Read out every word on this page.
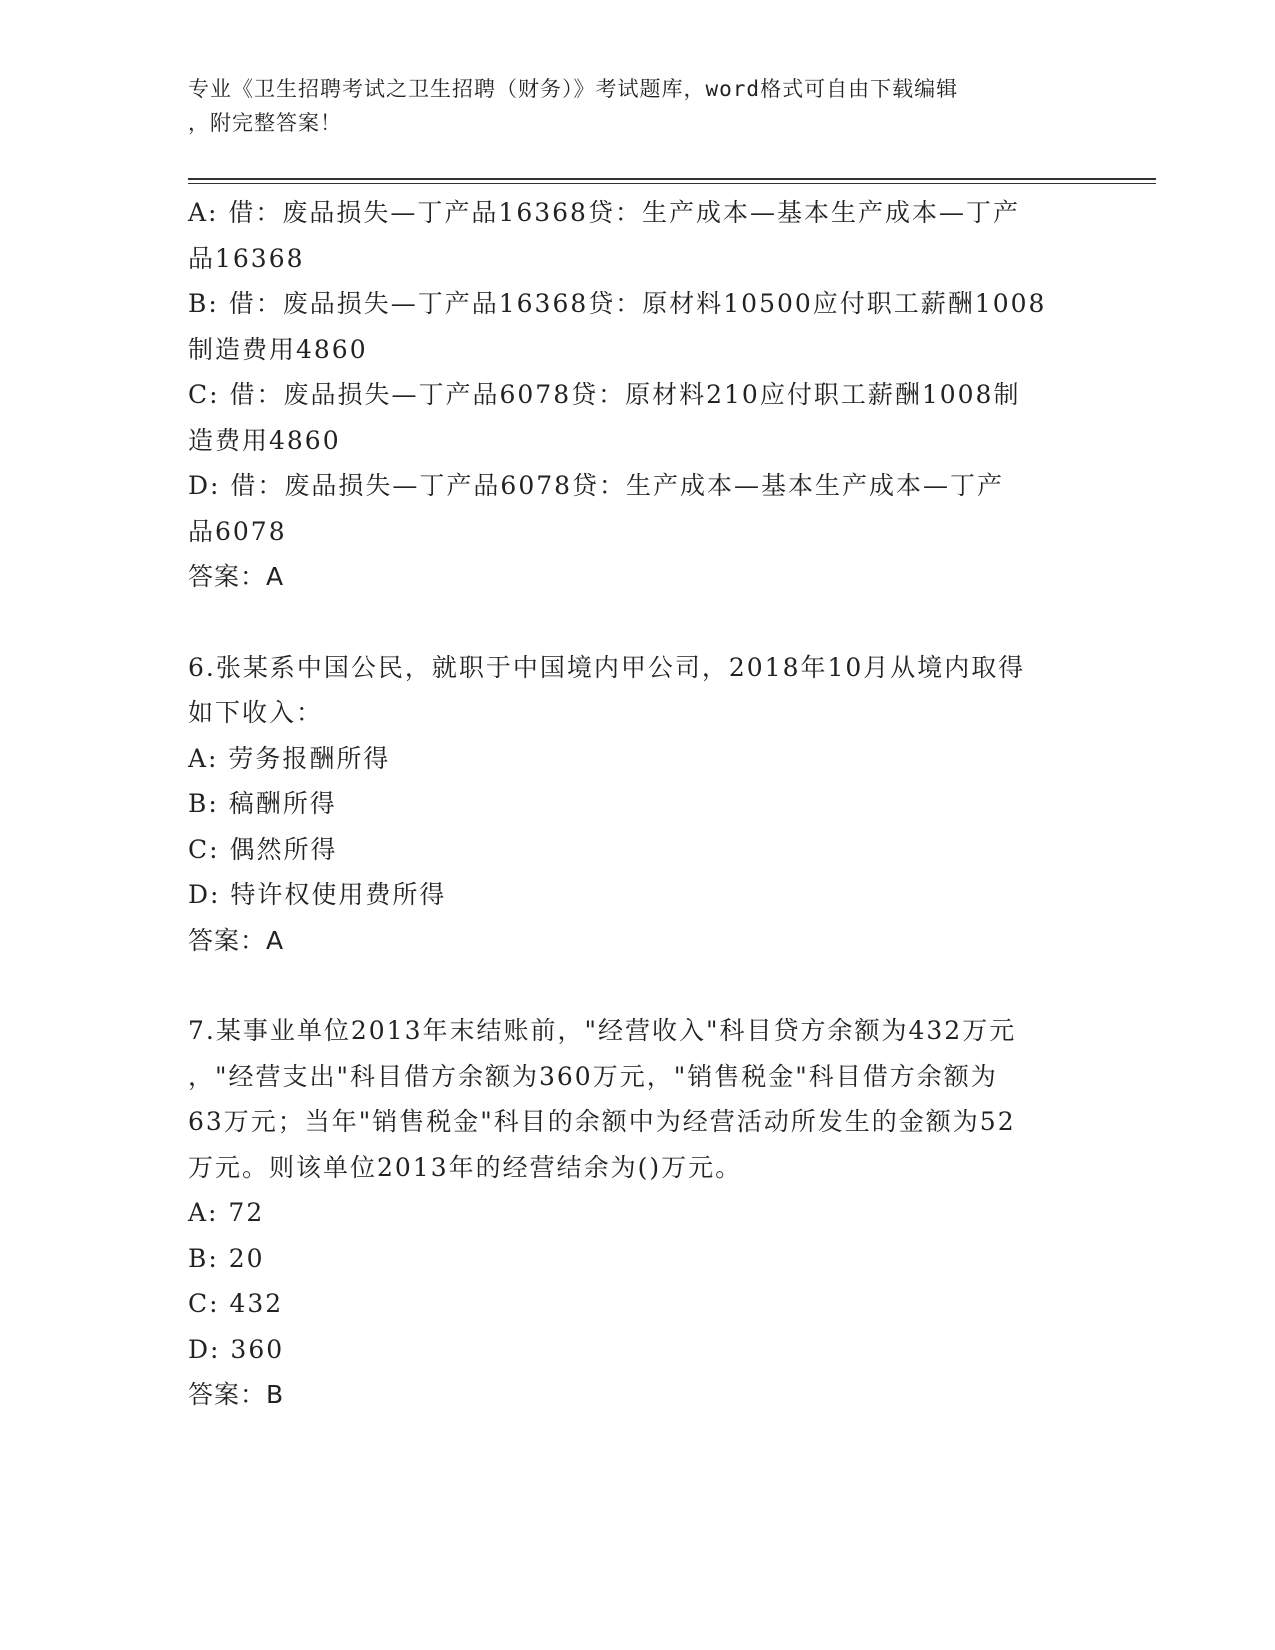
专业《卫生招聘考试之卫生招聘（财务）》考试题库，word格式可自由下载编辑
，附完整答案！
A: 借：废品损失—丁产品16368贷：生产成本—基本生产成本—丁产
品16368
B: 借：废品损失—丁产品16368贷：原材料10500应付职工薪酬1008
制造费用4860
C: 借：废品损失—丁产品6078贷：原材料210应付职工薪酬1008制
造费用4860
D: 借：废品损失—丁产品6078贷：生产成本—基本生产成本—丁产
品6078
答案：A
6.张某系中国公民，就职于中国境内甲公司，2018年10月从境内取得
如下收入：
A: 劳务报酬所得
B: 稿酬所得
C: 偶然所得
D: 特许权使用费所得
答案：A
7.某事业单位2013年末结账前，"经营收入"科目贷方余额为432万元
，"经营支出"科目借方余额为360万元，"销售税金"科目借方余额为
63万元；当年"销售税金"科目的余额中为经营活动所发生的金额为52
万元。则该单位2013年的经营结余为()万元。
A: 72
B: 20
C: 432
D: 360
答案：B
